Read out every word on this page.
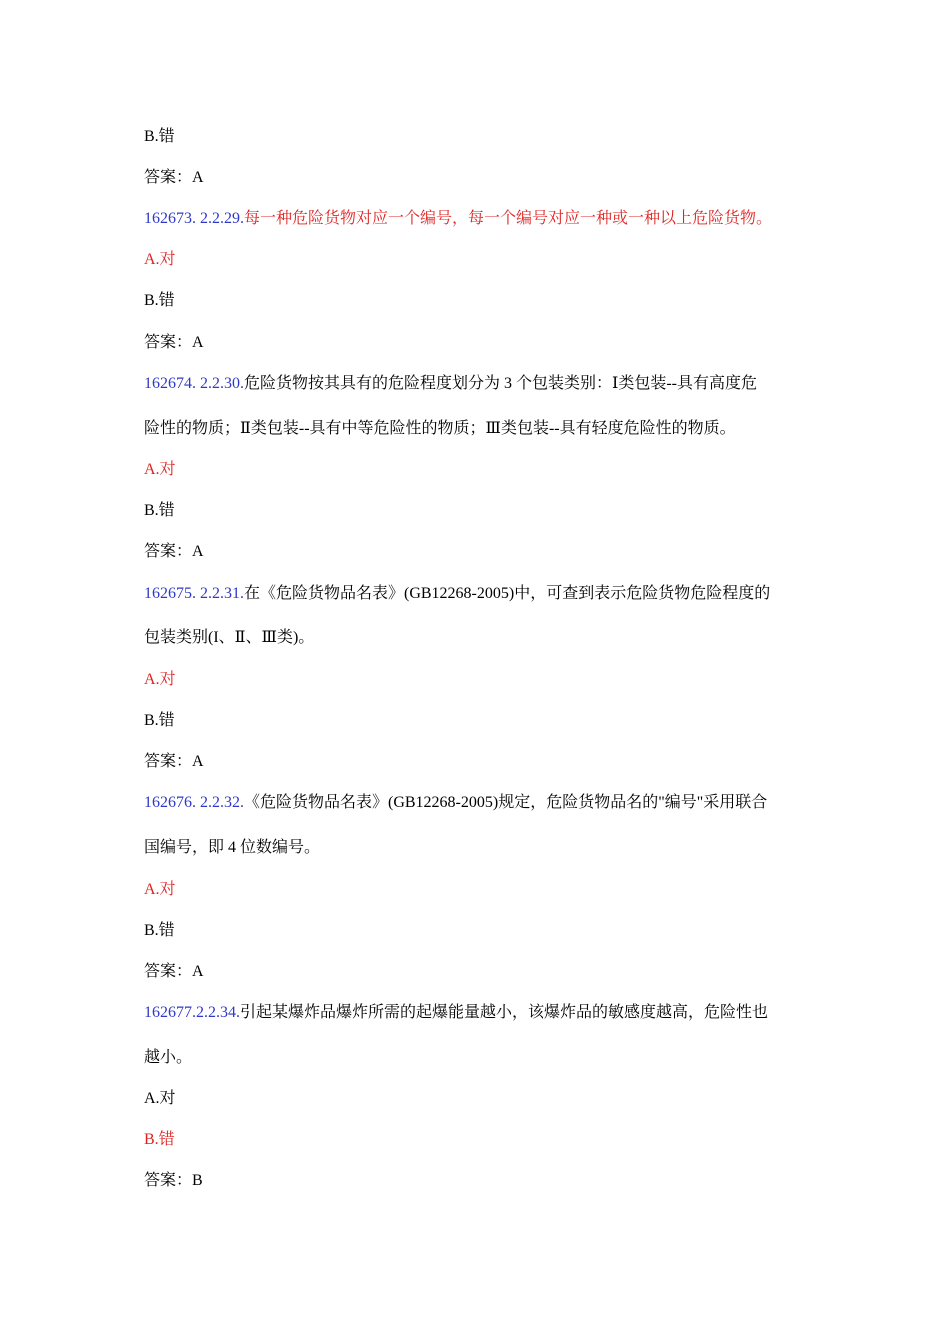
B.错
答案：A
162673. 2.2.29.每一种危险货物对应一个编号，每一个编号对应一种或一种以上危险货物。
A.对
B.错
答案：A
162674. 2.2.30.危险货物按其具有的危险程度划分为 3 个包装类别：Ⅰ类包装--具有高度危
险性的物质；Ⅱ类包装--具有中等危险性的物质；Ⅲ类包装--具有轻度危险性的物质。
A.对
B.错
答案：A
162675. 2.2.31.在《危险货物品名表》(GB12268-2005)中，可查到表示危险货物危险程度的
包装类别(I、Ⅱ、Ⅲ类)。
A.对
B.错
答案：A
162676. 2.2.32.《危险货物品名表》(GB12268-2005)规定，危险货物品名的"编号"采用联合
国编号，即 4 位数编号。
A.对
B.错
答案：A
162677.2.2.34.引起某爆炸品爆炸所需的起爆能量越小，该爆炸品的敏感度越高，危险性也
越小。
A.对
B.错
答案：B
